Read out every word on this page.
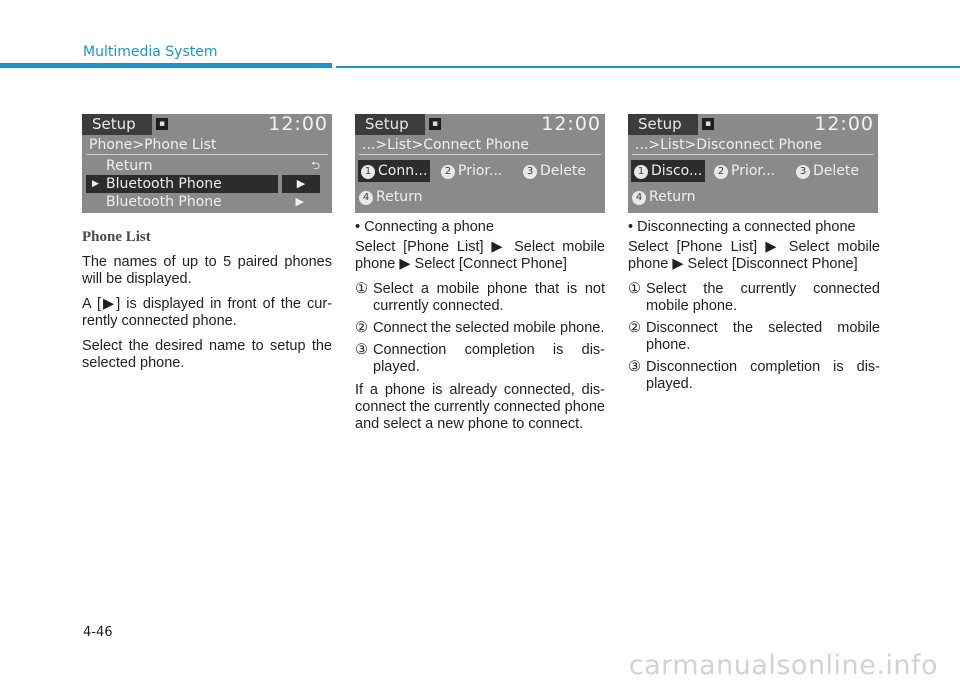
Multimedia System
Setup	▪	12:00
Phone>Phone List
Return	⮌
▶ Bluetooth Phone	▶
Bluetooth Phone	▶
Setup	▪	12:00
...>List>Connect Phone
1 Conn...	2 Prior...	3 Delete
4 Return
Setup	▪	12:00
...>List>Disconnect Phone
1 Disco...	2 Prior...	3 Delete
4 Return

Phone List

The names of up to 5 paired phones will be displayed.

A [▶] is displayed in front of the cur-rently connected phone.

Select the desired name to setup the selected phone.

• Connecting a phone

Select [Phone List] ▶ Select mobile phone ▶ Select [Connect Phone]

① Select a mobile phone that is not currently connected.
② Connect the selected mobile phone.
③ Connection completion is dis-played.

If a phone is already connected, dis-connect the currently connected phone and select a new phone to connect.

• Disconnecting a connected phone

Select [Phone List] ▶ Select mobile phone ▶ Select [Disconnect Phone]

① Select the currently connected mobile phone.
② Disconnect the selected mobile phone.
③ Disconnection completion is dis-played.
4-46
carmanualsonline.info
